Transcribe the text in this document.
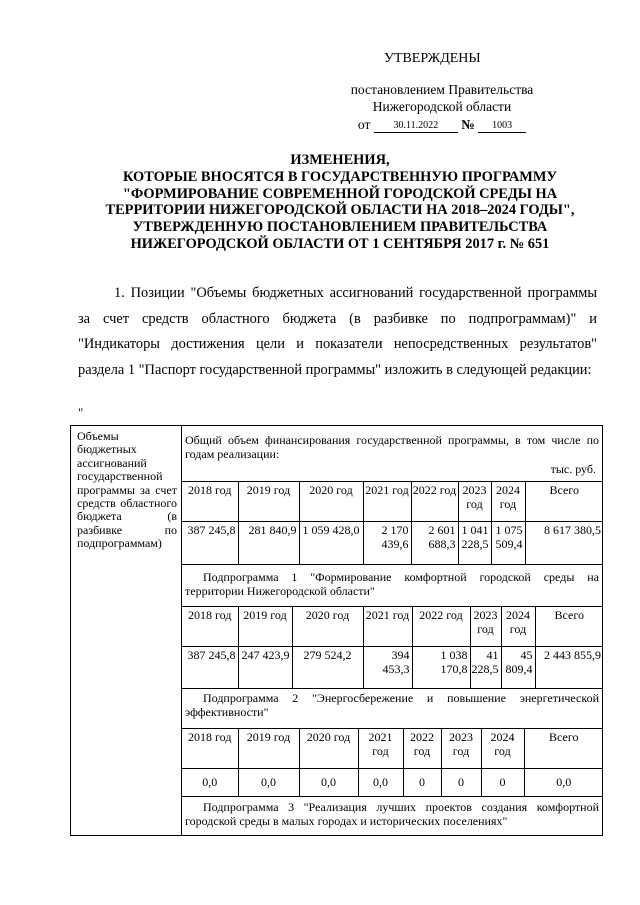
УТВЕРЖДЕНЫ
постановлением Правительства
Нижегородской области
от 30.11.2022 № 1003
ИЗМЕНЕНИЯ,
КОТОРЫЕ ВНОСЯТСЯ В ГОСУДАРСТВЕННУЮ ПРОГРАММУ
"ФОРМИРОВАНИЕ СОВРЕМЕННОЙ ГОРОДСКОЙ СРЕДЫ НА
ТЕРРИТОРИИ НИЖЕГОРОДСКОЙ ОБЛАСТИ НА 2018–2024 ГОДЫ",
УТВЕРЖДЕННУЮ ПОСТАНОВЛЕНИЕМ ПРАВИТЕЛЬСТВА
НИЖЕГОРОДСКОЙ ОБЛАСТИ ОТ 1 СЕНТЯБРЯ 2017 г. № 651
1. Позиции "Объемы бюджетных ассигнований государственной программы за счет средств областного бюджета (в разбивке по подпрограммам)" и "Индикаторы достижения цели и показатели непосредственных результатов" раздела 1 "Паспорт государственной программы" изложить в следующей редакции:
"
Объемы бюджетных ассигнований государственной программы за счет средств областного бюджета (в разбивке по подпрограммам)
Общий объем финансирования государственной программы, в том числе по годам реализации:
тыс. руб.
2018 год	2019 год	2020 год	2021 год	2022 год	2023 год	2024 год	Всего
387 245,8	281 840,9	1 059 428,0	2 170 439,6	2 601 688,3	1 041 228,5	1 075 509,4	8 617 380,5
Подпрограмма 1 "Формирование комфортной городской среды на территории Нижегородской области"
2018 год	2019 год	2020 год	2021 год	2022 год	2023 год	2024 год	Всего
387 245,8	247 423,9	279 524,2	394 453,3	1 038 170,8	41 228,5	45 809,4	2 443 855,9
Подпрограмма 2 "Энергосбережение и повышение энергетической эффективности"
2018 год	2019 год	2020 год	2021 год	2022 год	2023 год	2024 год	Всего
0,0	0,0	0,0	0,0	0	0	0	0,0
Подпрограмма 3 "Реализация лучших проектов создания комфортной городской среды в малых городах и исторических поселениях"
